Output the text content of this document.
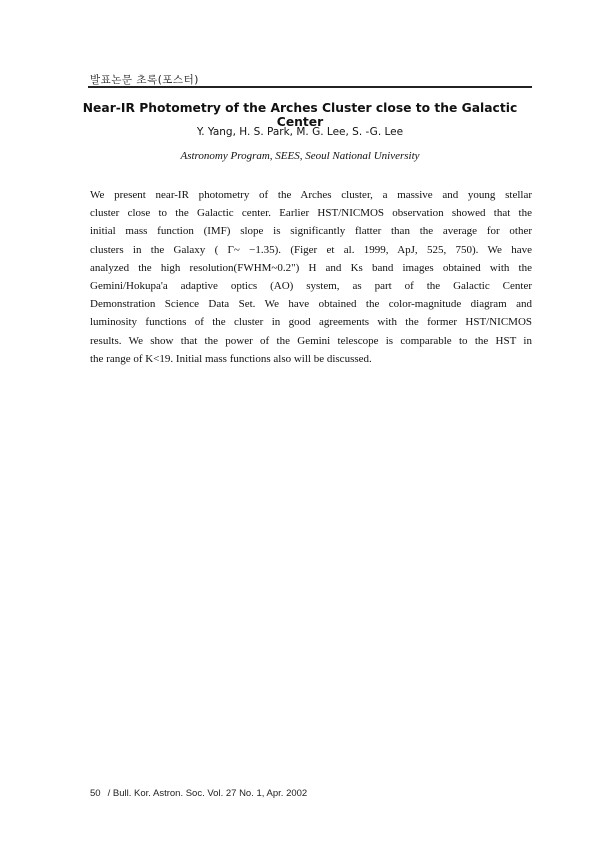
발표논문 초록(포스터)
Near-IR Photometry of the Arches Cluster close to the Galactic Center
Y. Yang, H. S. Park, M. G. Lee, S. -G. Lee
Astronomy Program, SEES, Seoul National University
We present near-IR photometry of the Arches cluster, a massive and young stellar
cluster close to the Galactic center. Earlier HST/NICMOS observation showed that the
initial mass function (IMF) slope is significantly flatter than the average for other
clusters in the Galaxy ( Γ~ −1.35). (Figer et al. 1999, ApJ, 525, 750). We have
analyzed the high resolution(FWHM~0.2") H and Ks band images obtained with the
Gemini/Hokupa'a adaptive optics (AO) system, as part of the Galactic Center
Demonstration Science Data Set. We have obtained the color-magnitude diagram and
luminosity functions of the cluster in good agreements with the former HST/NICMOS
results. We show that the power of the Gemini telescope is comparable to the HST in
the range of K<19. Initial mass functions also will be discussed.
50 / Bull. Kor. Astron. Soc. Vol. 27 No. 1, Apr. 2002
